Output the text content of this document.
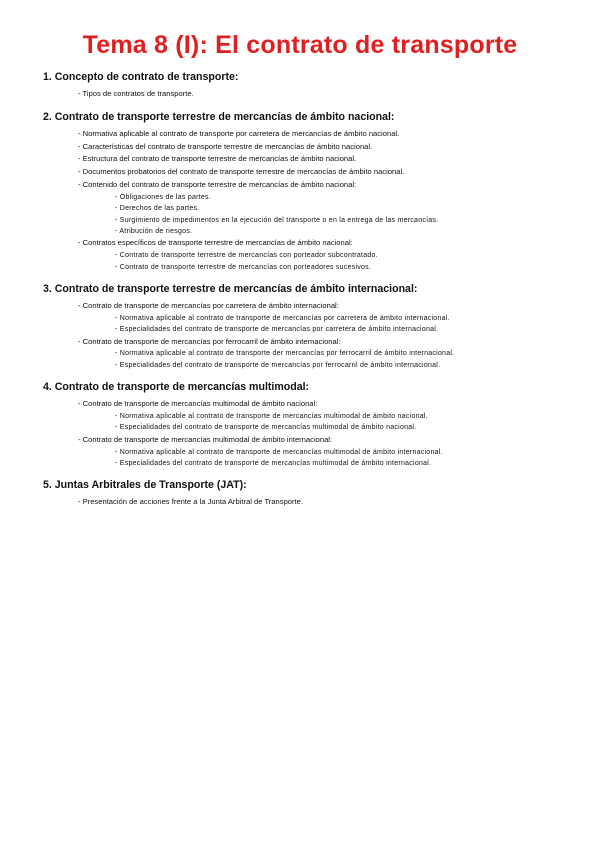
Tema 8 (I): El contrato de transporte
1. Concepto de contrato de transporte:
- Tipos de contratos de transporte.
2. Contrato de transporte terrestre de mercancías de ámbito nacional:
- Normativa aplicable al contrato de transporte por carretera de mercancías de ámbito nacional.
- Características del contrato de transporte terrestre de mercancías de ámbito nacional.
- Estructura del contrato de transporte terrestre de mercancías de ámbito nacional.
- Documentos probatorios del contrato de transporte terrestre de mercancías de ámbito nacional.
- Contenido del contrato de transporte terrestre de mercancías de ámbito nacional:
- Obligaciones de las partes.
- Derechos de las partes.
- Surgimiento de impedimentos en la ejecución del transporte o en la entrega de las mercancías.
- Atribución de riesgos.
- Contratos específicos de transporte terrestre de mercancías de ámbito nacional:
- Contrato de transporte terrestre de mercancías con porteador subcontratado.
- Contrato de transporte terrestre de mercancías con porteadores sucesivos.
3. Contrato de transporte terrestre de mercancías de ámbito internacional:
- Contrato de transporte de mercancías por carretera de ámbito internacional:
- Normativa aplicable al contrato de transporte de mercancías por carretera de ámbito internacional.
- Especialidades del contrato de transporte de mercancías por carretera de ámbito internacional.
- Contrato de transporte de mercancías por ferrocarril de ámbito internacional:
- Normativa aplicable al contrato de transporte der mercancías por ferrocarril de ámbito internacional.
- Especialidades del contrato de transporte de mercancías por ferrocarril de ámbito internacional.
4. Contrato de transporte de mercancías multimodal:
- Contrato de transporte de mercancías multimodal de ámbito nacional:
- Normativa aplicable al contrato de transporte de mercancías multimodal de ámbito nacional.
- Especialidades del contrato de transporte de mercancías multimodal de ámbito nacional.
- Contrato de transporte de mercancías multimodal de ámbito internacional:
- Normativa aplicable al contrato de transporte de mercancías multimodal de ámbito internacional.
- Especialidades del contrato de transporte de mercancías multimodal de ámbito internacional.
5. Juntas Arbitrales de Transporte (JAT):
- Presentación de acciones frente a la Junta Arbitral de Transporte.
